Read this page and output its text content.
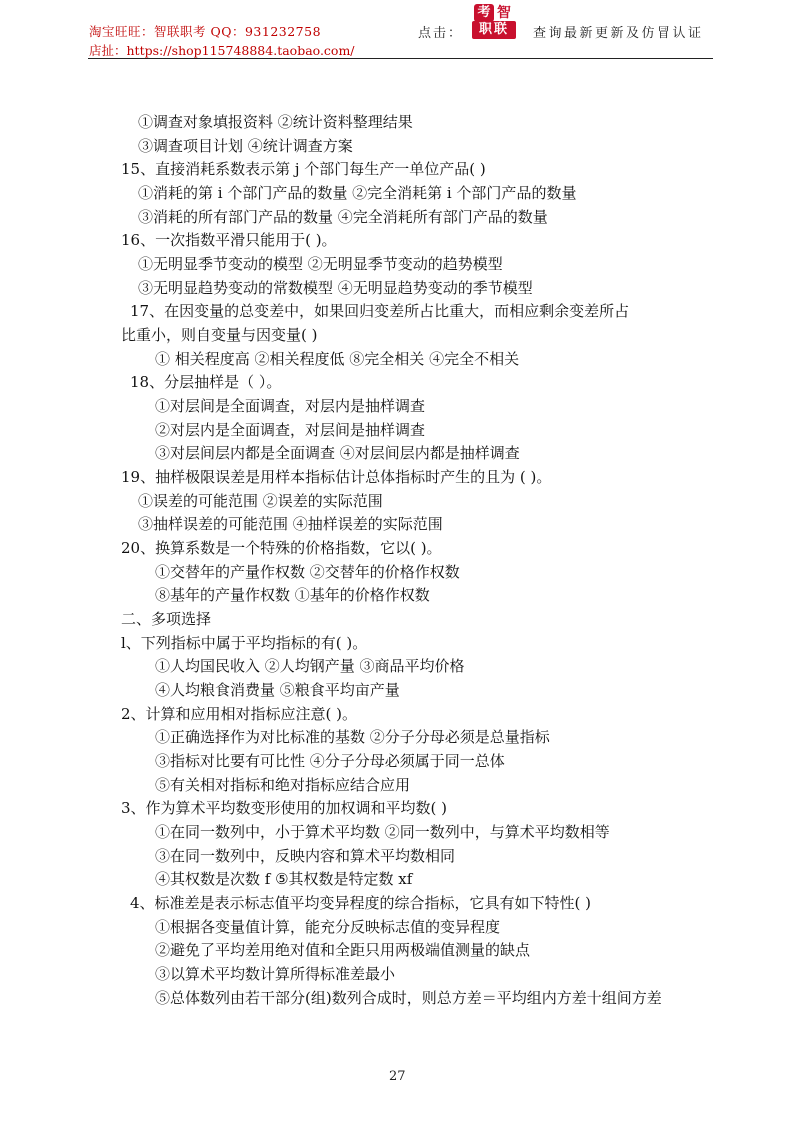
淘宝旺旺：智联职考 QQ：931232758
店扯：https://shop115748884.taobao.com/
点击：
考 智
职联	查询最新更新及仿冒认证
①调查对象填报资料 ②统计资料整理结果
③调查项目计划 ④统计调查方案
15、直接消耗系数表示第 j 个部门每生产一单位产品( )
①消耗的第 i 个部门产品的数量 ②完全消耗第 i 个部门产品的数量
③消耗的所有部门产品的数量 ④完全消耗所有部门产品的数量
16、一次指数平滑只能用于( )。
①无明显季节变动的模型 ②无明显季节变动的趋势模型
③无明显趋势变动的常数模型 ④无明显趋势变动的季节模型
17、在因变量的总变差中，如果回归变差所占比重大，而相应剩余变差所占
比重小，则自变量与因变量( )
① 相关程度高 ②相关程度低 ⑧完全相关 ④完全不相关
18、分层抽样是（ ）。
①对层间是全面调查，对层内是抽样调查
②对层内是全面调查，对层间是抽样调查
③对层间层内都是全面调查 ④对层间层内都是抽样调查
19、抽样极限误差是用样本指标估计总体指标时产生的且为 ( )。
①误差的可能范围 ②误差的实际范围
③抽样误差的可能范围 ④抽样误差的实际范围
20、换算系数是一个特殊的价格指数，它以( )。
①交替年的产量作权数 ②交替年的价格作权数
⑧基年的产量作权数 ①基年的价格作权数
二、多项选择
l、下列指标中属于平均指标的有( )。
①人均国民收入 ②人均钢产量 ③商品平均价格
④人均粮食消费量 ⑤粮食平均亩产量
2、计算和应用相对指标应注意( )。
①正确选择作为对比标准的基数 ②分子分母必须是总量指标
③指标对比要有可比性 ④分子分母必须属于同一总体
⑤有关相对指标和绝对指标应结合应用
3、作为算术平均数变形使用的加权调和平均数( )
①在同一数列中，小于算术平均数 ②同一数列中，与算术平均数相等
③在同一数列中，反映内容和算术平均数相同
④其权数是次数 f ⑤其权数是特定数 xf
4、标准差是表示标志值平均变异程度的综合指标，它具有如下特性( )
①根据各变量值计算，能充分反映标志值的变异程度
②避免了平均差用绝对值和全距只用两极端值测量的缺点
③以算术平均数计算所得标准差最小
⑤总体数列由若干部分(组)数列合成时，则总方差＝平均组内方差十组间方差
27
